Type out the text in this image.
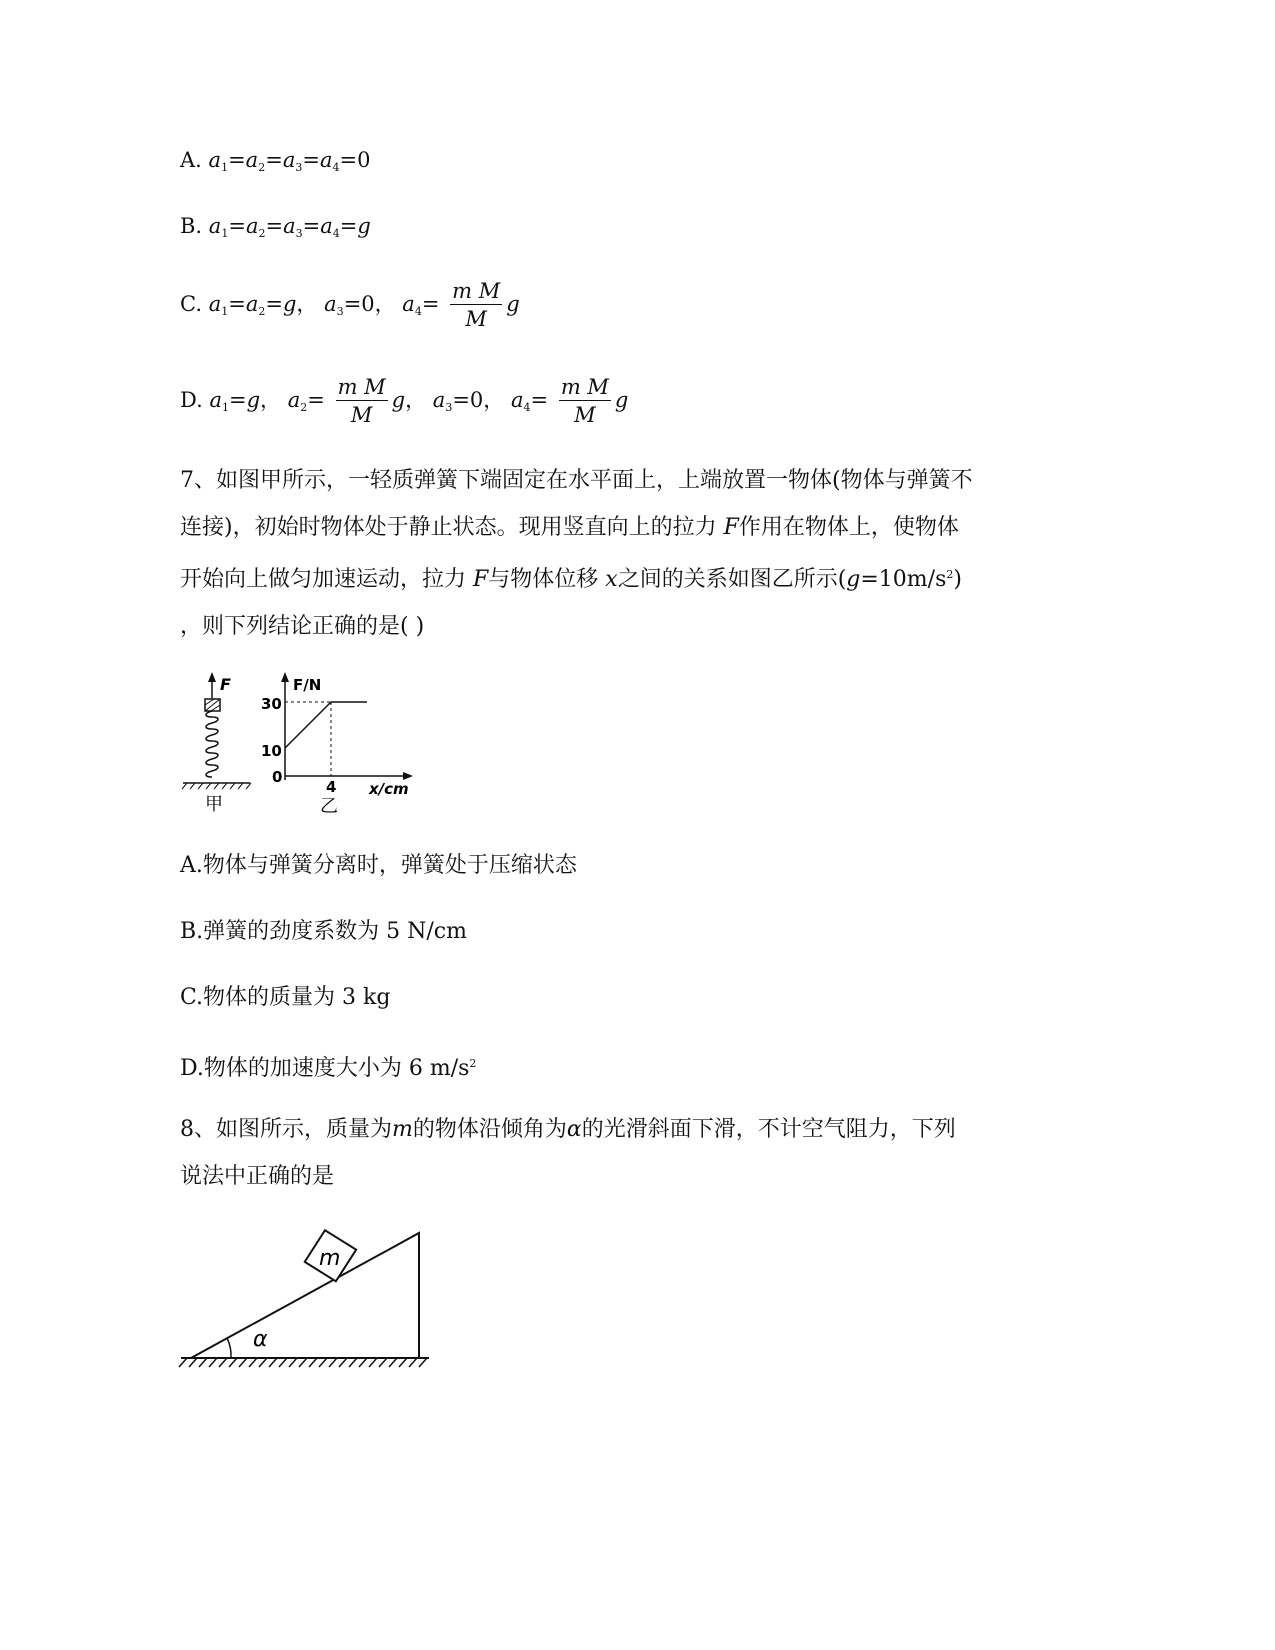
A. $a_1=a_2=a_3=a_4=0$
B. $a_1=a_2=a_3=a_4=g$
C. $a_1=a_2=g$， $a_3=0$， $a_4= \frac{\text{m M}}{M}$ g
D. $a_1=g$， $a_2= \frac{\text{m M}}{M}$ g， $a_3=0$， $a_4= \frac{\text{m M}}{M}$ g
7、如图甲所示，一轻质弹簧下端固定在水平面上，上端放置一物体(物体与弹簧不
连接)，初始时物体处于静止状态。现用竖直向上的拉力 F作用在物体上，使物体
开始向上做匀加速运动，拉力 F与物体位移 x之间的关系如图乙所示$(g=10m/s^2)$
，则下列结论正确的是( )
F
甲
F/N
30
10
0
4 x/cm
乙
A.物体与弹簧分离时，弹簧处于压缩状态
B.弹簧的劲度系数为 5 N/cm
C.物体的质量为 3 kg
D.物体的加速度大小为 6 $m/s^2$
8、如图所示，质量为m的物体沿倾角为α的光滑斜面下滑，不计空气阻力，下列
说法中正确的是
m
α
